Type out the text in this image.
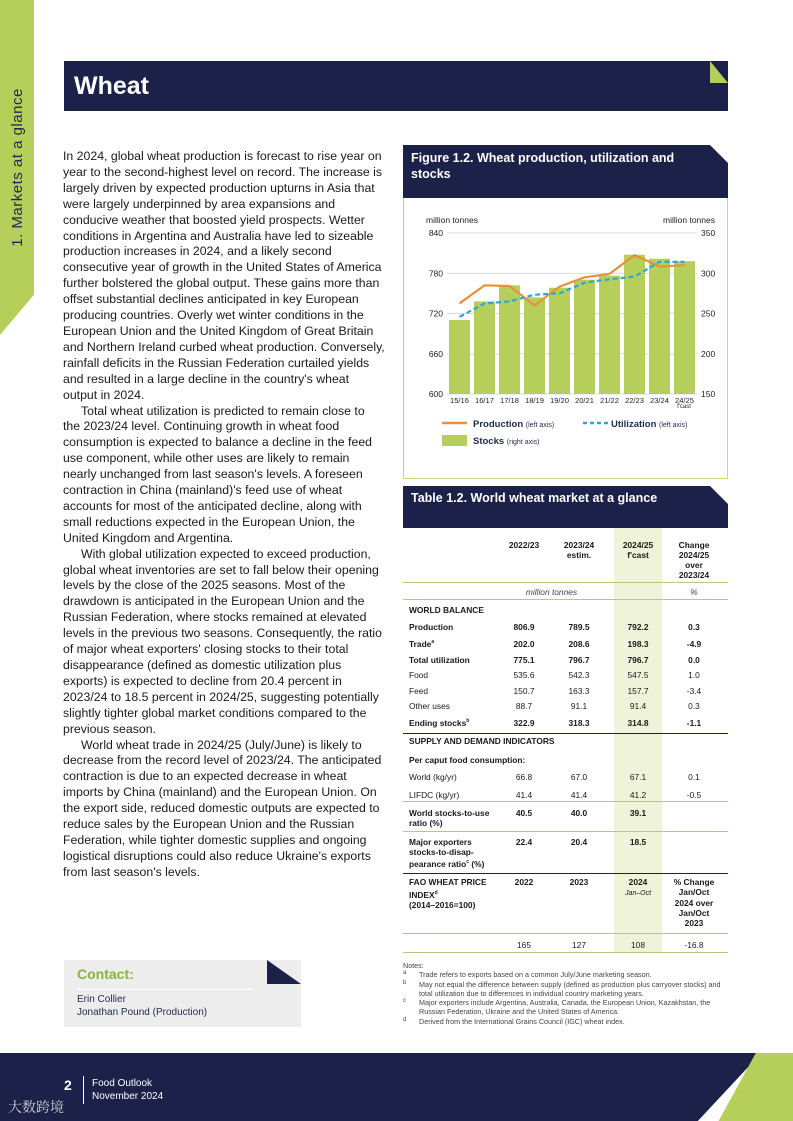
1. Markets at a glance
Wheat

In 2024, global wheat production is forecast to rise year on year to the second-highest level on record. The increase is largely driven by expected production upturns in Asia that were largely underpinned by area expansions and conducive weather that boosted yield prospects. Wetter conditions in Argentina and Australia have led to sizeable production increases in 2024, and a likely second consecutive year of growth in the United States of America further bolstered the global output. These gains more than offset substantial declines anticipated in key European producing countries. Overly wet winter conditions in the European Union and the United Kingdom of Great Britain and Northern Ireland curbed wheat production. Conversely, rainfall deficits in the Russian Federation curtailed yields and resulted in a large decline in the country's wheat output in 2024.

Total wheat utilization is predicted to remain close to the 2023/24 level. Continuing growth in wheat food consumption is expected to balance a decline in the feed use component, while other uses are likely to remain nearly unchanged from last season's levels. A foreseen contraction in China (mainland)'s feed use of wheat accounts for most of the anticipated decline, along with small reductions expected in the European Union, the United Kingdom and Argentina.

With global utilization expected to exceed production, global wheat inventories are set to fall below their opening levels by the close of the 2025 seasons. Most of the drawdown is anticipated in the European Union and the Russian Federation, where stocks remained at elevated levels in the previous two seasons. Consequently, the ratio of major wheat exporters' closing stocks to their total disappearance (defined as domestic utilization plus exports) is expected to decline from 20.4 percent in 2023/24 to 18.5 percent in 2024/25, suggesting potentially slightly tighter global market conditions compared to the previous season.

World wheat trade in 2024/25 (July/June) is likely to decrease from the record level of 2023/24. The anticipated contraction is due to an expected decrease in wheat imports by China (mainland) and the European Union. On the export side, reduced domestic outputs are expected to reduce sales by the European Union and the Russian Federation, while tighter domestic supplies and ongoing logistical disruptions could also reduce Ukraine's exports from last season's levels.

Figure 1.2. Wheat production, utilization and stocks
million tonnes	million tonnes
600
660
720
780
840
150
200
250
300
350
15/16 16/17 17/18 18/19 19/20 20/21 21/22 22/23 23/24 24/25
f'cast
Production (left axis)	Utilization (left axis)
Stocks (right axis)
Table 1.2. World wheat market at a glance
2022/23	2023/24 estim.
2024/25 f'cast
Change 2024/25 over 2023/24
million tonnes	%
WORLD BALANCE
Production	806.9	789.5	792.2	0.3
Trade$^a$	202.0	208.6	198.3	-4.9
Total utilization	775.1	796.7	796.7	0.0
Food	535.6	542.3	547.5	1.0
Feed	150.7	163.3	157.7	-3.4
Other uses	88.7	91.1	91.4	0.3
Ending stocks$^b$	322.9	318.3	314.8	-1.1
SUPPLY AND DEMAND INDICATORS
Per caput food consumption:
World (kg/yr)	66.8	67.0	67.1	0.1
LIFDC (kg/yr)	41.4	41.4	41.2	-0.5
World stocks-to-use
ratio (%)
40.5	40.0	39.1
Major exporters
stocks-to-disap-
pearance ratio$^c$ (%)
22.4	20.4	18.5
FAO WHEAT PRICE
INDEX$^d$
(2014–2016=100)
2022	2023	2024
Jan–Oct
% Change
Jan/Oct
2024 over
Jan/Oct
2023
165	127	108	-16.8
Notes:
a Trade refers to exports based on a common July/June marketing season.
b May not equal the difference between supply (defined as production plus carryover stocks) and total utilization due to differences in individual country marketing years.
c Major exporters include Argentina, Australia, Canada, the European Union, Kazakhstan, the Russian Federation, Ukraine and the United States of America.
d Derived from the International Grains Council (IGC) wheat index.
Contact:
Erin Collier
Jonathan Pound (Production)
2 Food Outlook
November 2024
大数跨境
